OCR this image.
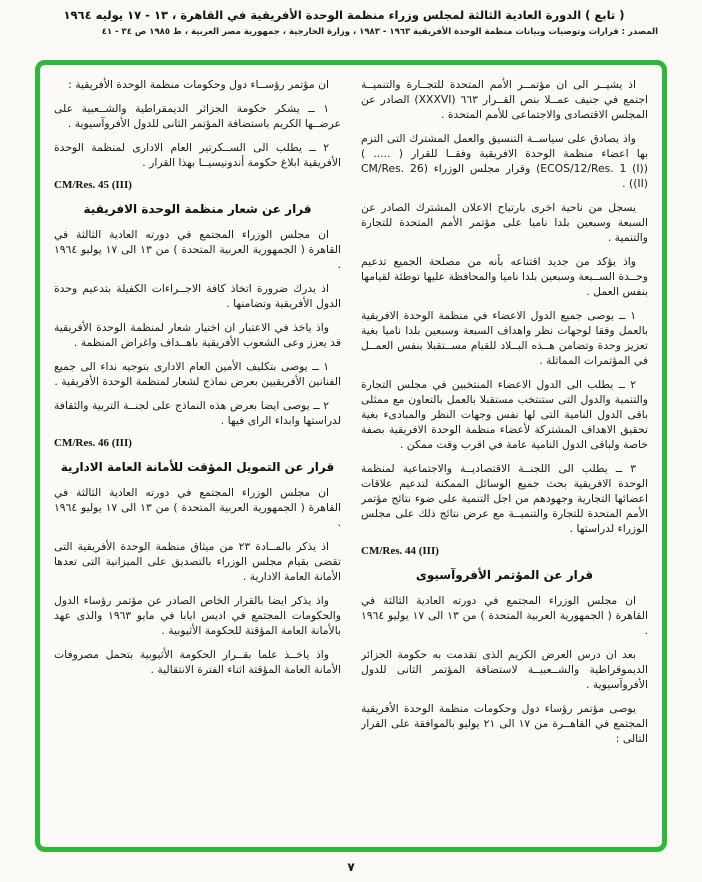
( تابع ) الدورة العادية الثالثة لمجلس وزراء منظمة الوحدة الأفريقية في القاهرة ، ١٣ - ١٧ يوليه ١٩٦٤

المصدر : قرارات وتوصيات وبيانات منظمة الوحدة الأفريقية ١٩٦٣ - ١٩٨٣ ، وزارة الخارجية ، جمهورية مصر العربية ، ط ١٩٨٥ ص ٣٤ - ٤١

اذ يشيــر الى ان مؤتمــر الأمم المتحدة للتجــارة والتنميــة اجتمع في جنيف عمــلا بنص القــرار ٦٦٣ (XXXVI) الصادر عن المجلس الاقتصادى والاجتماعى للأمم المتحدة .
واذ يصادق على سياســة التنسيق والعمل المشترك التى التزم بها اعضاء منظمة الوحدة الافريقية وفقــا للقرار ( ..... ) (ECOS/12/Res. 1 (I)) وقرار مجلس الوزراء (CM/Res. 26 (II)) .
يسجل من ناحية اخرى بارتياح الاعلان المشترك الصادر عن السبعة وسبعين بلدا ناميا على مؤتمر الأمم المتحدة للتجارة والتنمية .
واذ يؤكد من جديد اقتناعه بأنه من مصلحة الجميع تدعيم وحــدة الســبعة وسبعين بلدا ناميا والمحافظة عليها توطئة لقيامها بنفس العمل .
١ ــ يوصى جميع الدول الاعضاء في منظمة الوحدة الافريقية بالعمل وفقا لوجهات نظر واهداف السبعة وسبعين بلدا ناميا بغية تعزيز وحدة وتضامن هــذه البــلاد للقيام مســتقبلا بنفس العمــل في المؤتمرات المماثلة .
٢ ــ يطلب الى الدول الاعضاء المنتخبين في مجلس التجارة والتنمية والدول التى ستنتخب مستقبلا بالعمل بالتعاون مع ممثلى باقى الدول النامية التى لها نفس وجهات النظر والمبادىء بغية تحقيق الاهداف المشتركة لأعضاء منظمة الوحدة الافريقية بصفة خاصة ولباقى الدول النامية عامة في اقرب وقت ممكن .
٣ ــ يطلب الى اللجنــة الاقتصاديــة والاجتماعية لمنظمة الوحدة الافريقية بحث جميع الوسائل الممكنة لتدعيم علاقات اعضائها التجارية وجهودهم من اجل التنمية على ضوء نتائج مؤتمر الأمم المتحدة للتجارة والتنميــة مع عرض نتائج ذلك على مجلس الوزراء لدراستها .
CM/Res. 44 (III)
قرار عن المؤتمر الأفروآسيوى
ان مجلس الوزراء المجتمع في دورته العادية الثالثة في القاهرة ( الجمهورية العربية المتحدة ) من ١٣ الى ١٧ يوليو ١٩٦٤ .
بعد ان درس العرض الكريم الذى تقدمت به حكومة الجزائر الديموقراطية والشــعبيــة لاستضافة المؤتمر الثانى للدول الأفروآسيوية .
يوصى مؤتمر رؤساء دول وحكومات منظمة الوحدة الأفريقية المجتمع في القاهــرة من ١٧ الى ٢١ يوليو بالموافقة على القرار التالى :
ان مؤتمر رؤســاء دول وحكومات منظمة الوحدة الأفريقية :
١ ــ يشكر حكومة الجزائر الديمقراطية والشــعبية على عرضــها الكريم باستضافة المؤتمر الثانى للدول الأفروآسيوية .
٢ ــ يطلب الى الســكرتير العام الادارى لمنظمة الوحدة الأفريقية ابلاغ حكومة أندونيسيــا بهذا القرار .
CM/Res. 45 (III)
قرار عن شعار منظمة الوحدة الافريقية
ان مجلس الوزراء المجتمع في دورته العادية الثالثة في القاهرة ( الجمهورية العربية المتحدة ) من ١٣ الى ١٧ يوليو ١٩٦٤ .
اذ يدرك ضرورة اتخاذ كافة الاجــراءات الكفيلة بتدعيم وحدة الدول الأفريقية وتضامنها .
واذ ياخذ في الاعتبار ان اختيار شعار لمنظمة الوحدة الأفريقية قد يعزز وعى الشعوب الأفريقية باهــداف واغراض المنظمة .
١ ــ يوصى بتكليف الأمين العام الادارى بتوجيه نداء الى جميع الفنانين الأفريقيين بعرض نماذج لشعار لمنظمة الوحدة الأفريقية .
٢ ــ يوصى ايضا بعرض هذه النماذج على لجنــة التربية والثقافة لدراستها وابداء الراى فيها .
CM/Res. 46 (III)
قرار عن التمويل المؤقت للأمانة العامة الادارية
ان مجلس الوزراء المجتمع في دورته العادية الثالثة في القاهرة ( الجمهورية العربية المتحدة ) من ١٣ الى ١٧ يوليو ١٩٦٤ .
اذ يذكر بالمــادة ٢٣ من ميثاق منظمة الوحدة الأفريقية التى تقضى بقيام مجلس الوزراء بالتصديق على الميزانية التى تعدها الأمانة العامة الادارية .
واذ يذكر ايضا بالقرار الخاص الصادر عن مؤتمر رؤساء الدول والحكومات المجتمع في اديس ابابا في مايو ١٩٦٣ والذى عهد بالأمانة العامة المؤقتة للحكومة الأثيوبية .
واذ ياخــذ علما بقــرار الحكومة الأثيوبية بتحمل مصروفات الأمانة العامة المؤقتة اثناء الفترة الانتقالية .
٧
